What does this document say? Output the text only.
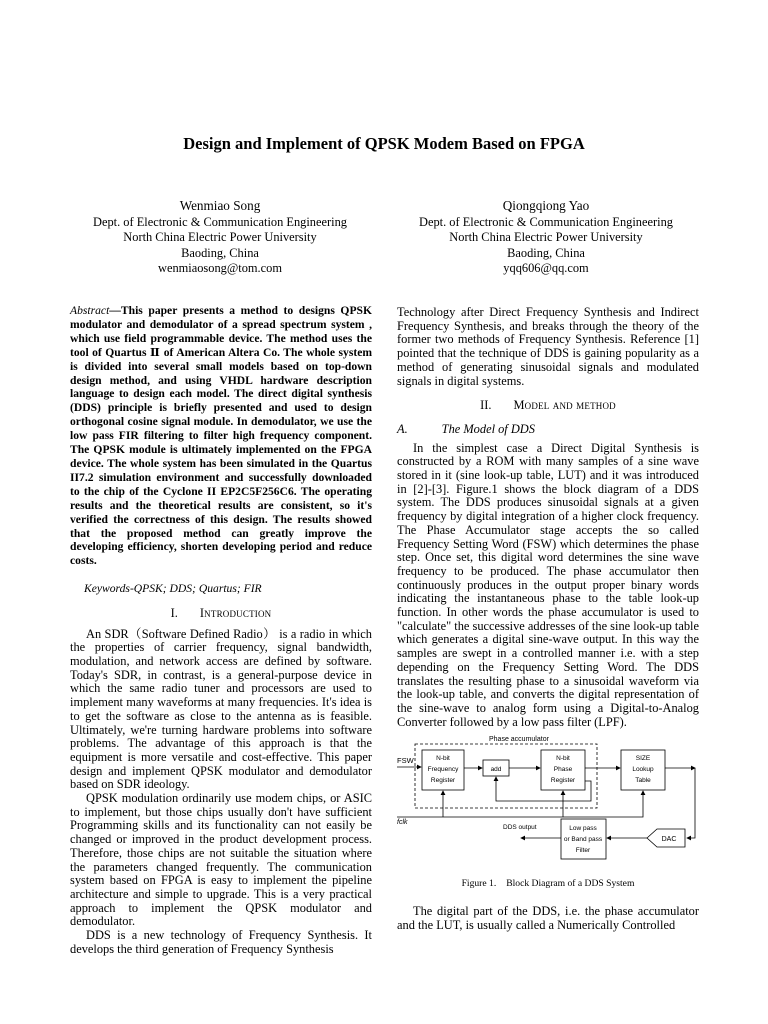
Design and Implement of QPSK Modem Based on FPGA
Wenmiao Song
Dept. of Electronic & Communication Engineering
North China Electric Power University
Baoding, China
wenmiaosong@tom.com
Qiongqiong Yao
Dept. of Electronic & Communication Engineering
North China Electric Power University
Baoding, China
yqq606@qq.com

Abstract—This paper presents a method to designs QPSK modulator and demodulator of a spread spectrum system , which use field programmable device. The method uses the tool of Quartus Ⅱ of American Altera Co. The whole system is divided into several small models based on top-down design method, and using VHDL hardware description language to design each model. The direct digital synthesis (DDS) principle is briefly presented and used to design orthogonal cosine signal module. In demodulator, we use the low pass FIR filtering to filter high frequency component. The QPSK module is ultimately implemented on the FPGA device. The whole system has been simulated in the Quartus II7.2 simulation environment and successfully downloaded to the chip of the Cyclone II EP2C5F256C6. The operating results and the theoretical results are consistent, so it's verified the correctness of this design. The results showed that the proposed method can greatly improve the developing efficiency, shorten developing period and reduce costs.

Keywords-QPSK; DDS; Quartus; FIR

I. Introduction

An SDR（Software Defined Radio） is a radio in which the properties of carrier frequency, signal bandwidth, modulation, and network access are defined by software. Today's SDR, in contrast, is a general-purpose device in which the same radio tuner and processors are used to implement many waveforms at many frequencies. It's idea is to get the software as close to the antenna as is feasible. Ultimately, we're turning hardware problems into software problems. The advantage of this approach is that the equipment is more versatile and cost-effective. This paper design and implement QPSK modulator and demodulator based on SDR ideology.

QPSK modulation ordinarily use modem chips, or ASIC to implement, but those chips usually don't have sufficient Programming skills and its functionality can not easily be changed or improved in the product development process. Therefore, those chips are not suitable the situation where the parameters changed frequently. The communication system based on FPGA is easy to implement the pipeline architecture and simple to upgrade. This is a very practical approach to implement the QPSK modulator and demodulator.

DDS is a new technology of Frequency Synthesis. It develops the third generation of Frequency Synthesis

Technology after Direct Frequency Synthesis and Indirect Frequency Synthesis, and breaks through the theory of the former two methods of Frequency Synthesis. Reference [1] pointed that the technique of DDS is gaining popularity as a method of generating sinusoidal signals and modulated signals in digital systems.

II. Model and method
A.	The Model of DDS

In the simplest case a Direct Digital Synthesis is constructed by a ROM with many samples of a sine wave stored in it (sine look-up table, LUT) and it was introduced in [2]-[3]. Figure.1 shows the block diagram of a DDS system. The DDS produces sinusoidal signals at a given frequency by digital integration of a higher clock frequency. The Phase Accumulator stage accepts the so called Frequency Setting Word (FSW) which determines the phase step. Once set, this digital word determines the sine wave frequency to be produced. The phase accumulator then continuously produces in the output proper binary words indicating the instantaneous phase to the table look-up function. In other words the phase accumulator is used to "calculate" the successive addresses of the sine look-up table which generates a digital sine-wave output. In this way the samples are swept in a controlled manner i.e. with a step depending on the Frequency Setting Word. The DDS translates the resulting phase to a sinusoidal waveform via the look-up table, and converts the digital representation of the sine-wave to analog form using a Digital-to-Analog Converter followed by a low pass filter (LPF).

Phase accumulator
FSW	N-bit
Frequency
Register
add
N-bit
Phase
Register
SIZE
Lookup
Table
fclk
DAC
Low pass
or Band pass
Filter
DDS output
Figure 1. Block Diagram of a DDS System

The digital part of the DDS, i.e. the phase accumulator and the LUT, is usually called a Numerically Controlled
